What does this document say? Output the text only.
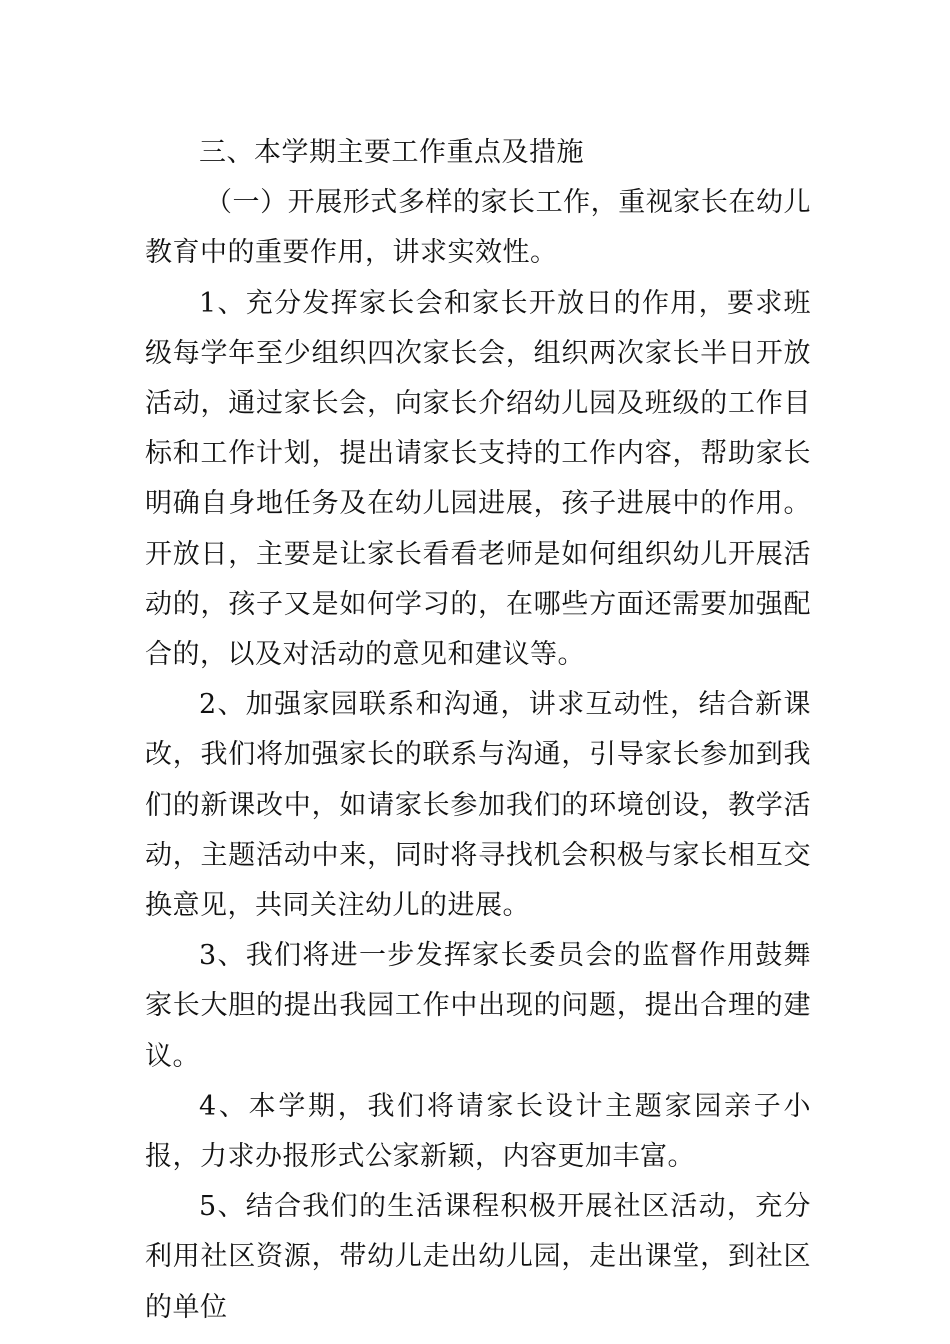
三、本学期主要工作重点及措施

（一）开展形式多样的家长工作，重视家长在幼儿教育中的重要作用，讲求实效性。

1、充分发挥家长会和家长开放日的作用，要求班级每学年至少组织四次家长会，组织两次家长半日开放活动，通过家长会，向家长介绍幼儿园及班级的工作目标和工作计划，提出请家长支持的工作内容，帮助家长明确自身地任务及在幼儿园进展，孩子进展中的作用。开放日，主要是让家长看看老师是如何组织幼儿开展活动的，孩子又是如何学习的，在哪些方面还需要加强配合的，以及对活动的意见和建议等。

2、加强家园联系和沟通，讲求互动性，结合新课改，我们将加强家长的联系与沟通，引导家长参加到我们的新课改中，如请家长参加我们的环境创设，教学活动，主题活动中来，同时将寻找机会积极与家长相互交换意见，共同关注幼儿的进展。

3、我们将进一步发挥家长委员会的监督作用鼓舞家长大胆的提出我园工作中出现的问题，提出合理的建议。

4、本学期，我们将请家长设计主题家园亲子小报，力求办报形式公家新颖，内容更加丰富。

5、结合我们的生活课程积极开展社区活动，充分利用社区资源，带幼儿走出幼儿园，走出课堂，到社区的单位
